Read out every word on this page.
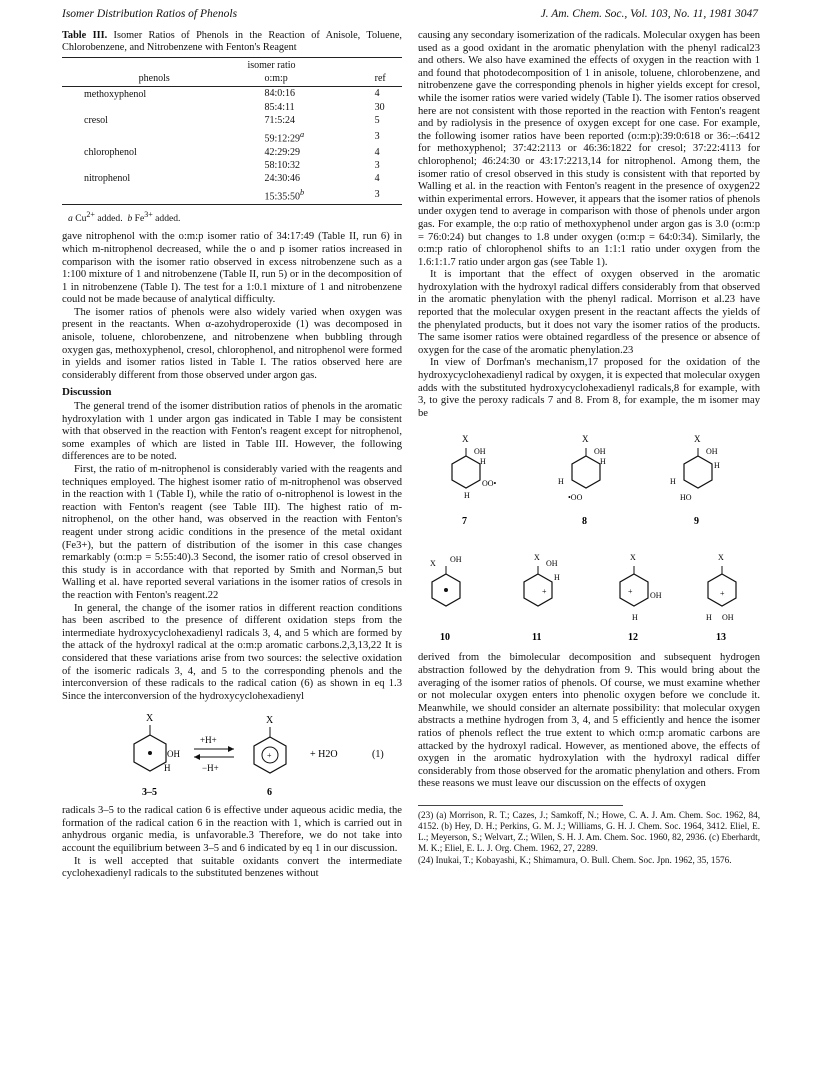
Isomer Distribution Ratios of Phenols	J. Am. Chem. Soc., Vol. 103, No. 11, 1981 3047

Table III. Isomer Ratios of Phenols in the Reaction of Anisole, Toluene, Chlorobenzene, and Nitrobenzene with Fenton's Reagent

	isomer ratio	
phenols	o:m:p	ref
methoxyphenol	84:0:16	4
	85:4:11	30
cresol	71:5:24	5
	59:12:29$^a$	3
chlorophenol	42:29:29	4
	58:10:32	3
nitrophenol	24:30:46	4
	15:35:50$^b$	3
a $Cu^{2+}$ added.  b $Fe^{3+}$ added.

gave nitrophenol with the o:m:p isomer ratio of 34:17:49 (Table II, run 6) in which m-nitrophenol decreased, while the o and p isomer ratios increased in comparison with the isomer ratio observed in excess nitrobenzene such as a 1:100 mixture of 1 and nitrobenzene (Table II, run 5) or in the decomposition of 1 in nitrobenzene (Table I). The test for a 1:0.1 mixture of 1 and nitrobenzene could not be made because of analytical difficulty.

The isomer ratios of phenols were also widely varied when oxygen was present in the reactants. When α-azohydroperoxide (1) was decomposed in anisole, toluene, chlorobenzene, and nitrobenzene when bubbling through oxygen gas, methoxyphenol, cresol, chlorophenol, and nitrophenol were formed in yields and isomer ratios listed in Table I. The ratios observed here are considerably different from those observed under argon gas.

Discussion

The general trend of the isomer distribution ratios of phenols in the aromatic hydroxylation with 1 under argon gas indicated in Table I may be consistent with that observed in the reaction with Fenton's reagent except for nitrophenol, some examples of which are listed in Table III. However, the following differences are to be noted.

First, the ratio of m-nitrophenol is considerably varied with the reagents and techniques employed. The highest isomer ratio of m-nitrophenol was observed in the reaction with 1 (Table I), while the ratio of o-nitrophenol is lowest in the reaction with Fenton's reagent (see Table III). The highest ratio of m-nitrophenol, on the other hand, was observed in the reaction with Fenton's reagent under strong acidic conditions in the presence of the metal oxidant (Fe3+), but the pattern of distribution of the isomer in this case changes remarkably (o:m:p = 5:55:40).3 Second, the isomer ratio of cresol observed in this study is in accordance with that reported by Smith and Norman,5 but Walling et al. have reported several variations in the isomer ratios of cresols in the reaction with Fenton's reagent.22

In general, the change of the isomer ratios in different reaction conditions has been ascribed to the presence of different oxidation steps from the intermediate hydroxycyclohexadienyl radicals 3, 4, and 5 which are formed by the attack of the hydroxyl radical at the o:m:p aromatic carbons.2,3,13,22 It is considered that these variations arise from two sources: the selective oxidation of the isomeric radicals 3, 4, and 5 to the corresponding phenols and the interconversion of these radicals to the radical cation (6) as shown in eq 1.3 Since the interconversion of the hydroxycyclohexadienyl

X
OH
H
+H+
−H+
+
X
+ H2O	(1)
3–5	6

radicals 3–5 to the radical cation 6 is effective under aqueous acidic media, the formation of the radical cation 6 in the reaction with 1, which is carried out in anhydrous organic media, is unfavorable.3 Therefore, we do not take into account the equilibrium between 3–5 and 6 indicated by eq 1 in our discussion.

It is well accepted that suitable oxidants convert the intermediate cyclohexadienyl radicals to the substituted benzenes without

causing any secondary isomerization of the radicals. Molecular oxygen has been used as a good oxidant in the aromatic phenylation with the phenyl radical23 and others. We also have examined the effects of oxygen in the reaction with 1 and found that photodecomposition of 1 in anisole, toluene, chlorobenzene, and nitrobenzene gave the corresponding phenols in higher yields except for cresol, while the isomer ratios were varied widely (Table I). The isomer ratios observed here are not consistent with those reported in the reaction with Fenton's reagent and by radiolysis in the presence of oxygen except for one case. For example, the following isomer ratios have been reported (o:m:p):39:0:618 or 36:–:6412 for methoxyphenol; 37:42:2113 or 46:36:1822 for cresol; 37:22:4113 for chlorophenol; 46:24:30 or 43:17:2213,14 for nitrophenol. Among them, the isomer ratio of cresol observed in this study is consistent with that reported by Walling et al. in the reaction with Fenton's reagent in the presence of oxygen22 within experimental errors. However, it appears that the isomer ratios of phenols under oxygen tend to average in comparison with those of phenols under argon gas. For example, the o:p ratio of methoxyphenol under argon gas is 3.0 (o:m:p = 76:0:24) but changes to 1.8 under oxygen (o:m:p = 64:0:34). Similarly, the o:m:p ratio of chlorophenol shifts to an 1:1:1 ratio under oxygen from the 1.6:1:1.7 ratio under argon gas (see Table 1).

It is important that the effect of oxygen observed in the aromatic hydroxylation with the hydroxyl radical differs considerably from that observed in the aromatic phenylation with the phenyl radical. Morrison et al.23 have reported that the molecular oxygen present in the reactant affects the yields of the phenylated products, but it does not vary the isomer ratios of the products. The same isomer ratios were obtained regardless of the presence or absence of oxygen for the case of the aromatic phenylation.23

In view of Dorfman's mechanism,17 proposed for the oxidation of the hydroxycyclohexadienyl radical by oxygen, it is expected that molecular oxygen adds with the substituted hydroxycyclohexadienyl radicals,8 for example, with 3, to give the peroxy radicals 7 and 8. From 8, for example, the m isomer may be

X
OH
H
OO•
H
X
OH
H
H
•OO
X
OH
H
H
HO
7	8	9
X OH
+
X
OH
H
+
X
OH
H
+
X
H OH
10	11	12	13

derived from the bimolecular decomposition and subsequent hydrogen abstraction followed by the dehydration from 9. This would bring about the averaging of the isomer ratios of phenols. Of course, we must examine whether or not molecular oxygen enters into phenolic oxygen before we conclude it. Meanwhile, we should consider an alternate possibility: that molecular oxygen abstracts a methine hydrogen from 3, 4, and 5 efficiently and hence the isomer ratios of phenols reflect the true extent to which o:m:p aromatic carbons are attacked by the hydroxyl radical. However, as mentioned above, the effects of oxygen in the aromatic hydroxylation with the hydroxyl radical differ considerably from those observed for the aromatic phenylation and others. From these reasons we must leave our discussion on the effects of oxygen

(23) (a) Morrison, R. T.; Cazes, J.; Samkoff, N.; Howe, C. A. J. Am. Chem. Soc. 1962, 84, 4152. (b) Hey, D. H.; Perkins, G. M. J.; Williams, G. H. J. Chem. Soc. 1964, 3412. Eliel, E. L.; Meyerson, S.; Welvart, Z.; Wilen, S. H. J. Am. Chem. Soc. 1960, 82, 2936. (c) Eberhardt, M. K.; Eliel, E. L. J. Org. Chem. 1962, 27, 2289.

(24) Inukai, T.; Kobayashi, K.; Shimamura, O. Bull. Chem. Soc. Jpn. 1962, 35, 1576.
